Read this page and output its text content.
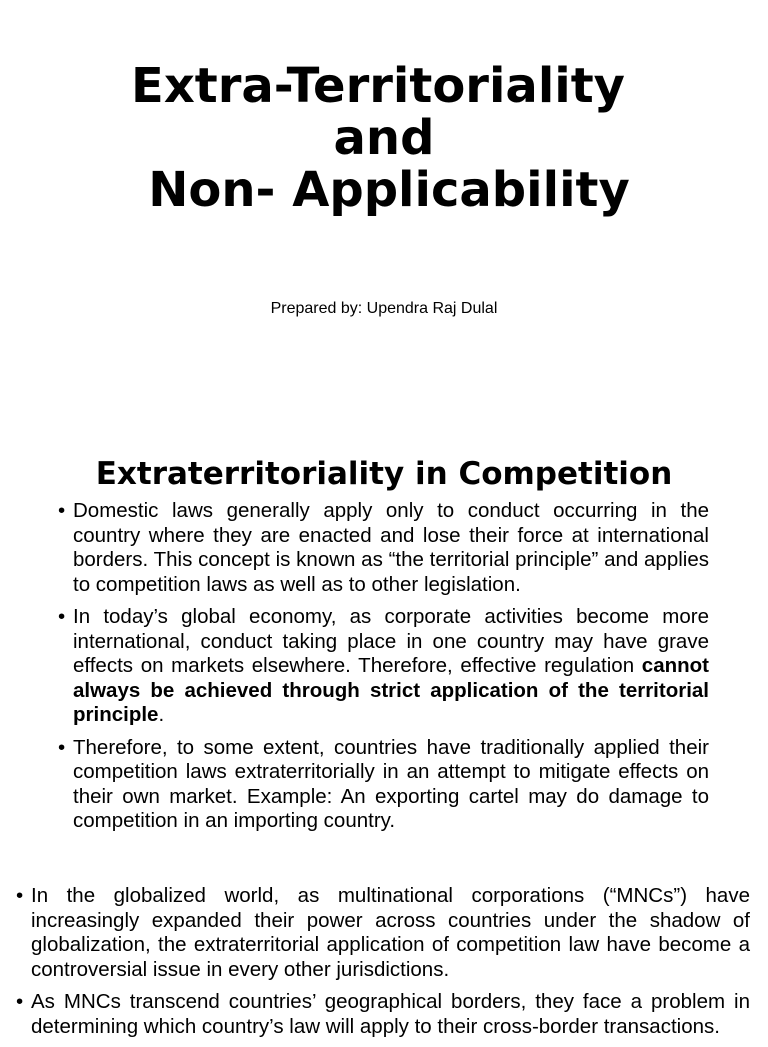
Extra-Territoriality
and
Non- Applicability
Prepared by: Upendra Raj Dulal
Extraterritoriality in Competition
• Domestic laws generally apply only to conduct occurring in the country where they are enacted and lose their force at international borders. This concept is known as “the territorial principle” and applies to competition laws as well as to other legislation.
• In today’s global economy, as corporate activities become more international, conduct taking place in one country may have grave effects on markets elsewhere. Therefore, effective regulation cannot always be achieved through strict application of the territorial principle.
• Therefore, to some extent, countries have traditionally applied their competition laws extraterritorially in an attempt to mitigate effects on their own market. Example: An exporting cartel may do damage to competition in an importing country.
• In the globalized world, as multinational corporations (“MNCs”) have increasingly expanded their power across countries under the shadow of globalization, the extraterritorial application of competition law have become a controversial issue in every other jurisdictions.
• As MNCs transcend countries’ geographical borders, they face a problem in determining which country’s law will apply to their cross-border transactions.
